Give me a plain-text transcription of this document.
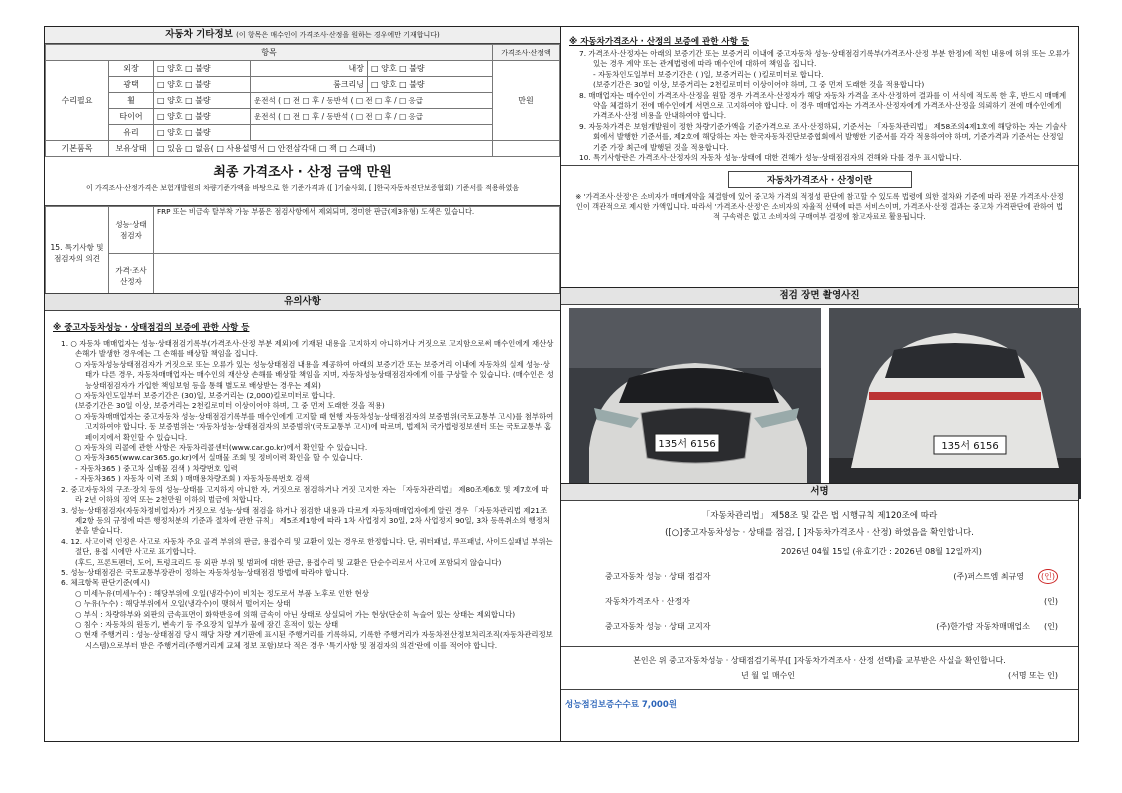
자동차 기타정보 (이 항목은 매수인이 가격조사·산정을 원하는 경우에만 기재합니다)
항목					가격조사·산정액
수리필요	외장	□ 양호 □ 불량	내장	□ 양호 □ 불량	만원
	광택	□ 양호 □ 불량	룸크리닝	□ 양호 □ 불량	
	휠	□ 양호 □ 불량	운전석 ( □ 전 □ 후 / 동반석 ( □ 전 □ 후 / □ 응급		
	타이어	□ 양호 □ 불량	운전석 ( □ 전 □ 후 / 동반석 ( □ 전 □ 후 / □ 응급		
	유리	□ 양호 □ 불량			
기본품목	보유상태	□ 있음 □ 없음( □ 사용설명서 □ 안전삼각대 □ 잭 □ 스패너)			
최종 가격조사 · 산정 금액 만원
이 가격조사·산정가격은 보험개발원의 차량기준가액을 바탕으로 한 기준가격과 ([ ]기술사회, [ ]한국자동차진단보증협회) 기준서를 적용하였음
15. 특기사항 및 점검자의 의견	성능·상태 점검자	FRP 또는 비금속 탈부착 가능 부품은 점검사항에서 제외되며, 경미한 판금(제3유형) 도색은 있습니다.
	가격·조사 산정자	
유의사항
※ 중고자동차성능 · 상태점검의 보증에 관한 사항 등
1. ○ 자동차 매매업자는 성능·상태점검기록부(가격조사·산정 부분 제외)에 기재된 내용을 고지하지 아니하거나 거짓으로 고지함으로써 매수인에게 재산상 손해가 발생한 경우에는 그 손해를 배상할 책임을 집니다.
○ 자동차성능상태점검자가 거짓으로 또는 오류가 있는 성능상태점검 내용을 제공하여 아래의 보증기간 또는 보증거리 이내에 자동차의 실제 성능·상태가 다른 경우, 자동차매매업자는 매수인의 재산상 손해를 배상할 책임을 지며, 자동차성능상태점검자에게 이를 구상할 수 있습니다. (매수인은 성능상태점검자가 가입한 책임보험 등을 통해 별도로 배상받는 경우는 제외)
○ 자동차인도일부터 보증기간은 (30)일, 보증거리는 (2,000)킬로미터로 합니다.
(보증기간은 30일 이상, 보증거리는 2천킬로미터 이상이어야 하며, 그 중 먼저 도래한 것을 적용)
○ 자동차매매업자는 중고자동차 성능·상태점검기록부를 매수인에게 고지할 때 현행 자동차성능·상태점검자의 보증범위(국토교통부 고시)를 첨부하여 고지하여야 합니다. 동 보증범위는 '자동차성능·상태점검자의 보증범위'(국토교통부 고시)에 따르며, 법제처 국가법령정보센터 또는 국토교통부 홈페이지에서 확인할 수 있습니다.
○ 자동차의 리콜에 관한 사항은 자동차리콜센터(www.car.go.kr)에서 확인할 수 있습니다.
○ 자동차365(www.car365.go.kr)에서 실매물 조회 및 정비이력 확인을 할 수 있습니다.
- 자동차365 ) 중고차 실매물 검색 ) 차량번호 입력
- 자동차365 ) 자동차 이력 조회 ) 매매용차량조회 ) 자동차등록번호 검색
2. 중고자동차의 구조·장치 등의 성능·상태를 고지하지 아니한 자, 거짓으로 점검하거나 거짓 고지한 자는 「자동차관리법」 제80조제6호 및 제7호에 따라 2년 이하의 징역 또는 2천만원 이하의 벌금에 처합니다.
3. 성능·상태점검자(자동차정비업자)가 거짓으로 성능·상태 점검을 하거나 점검한 내용과 다르게 자동차매매업자에게 알린 경우 「자동차관리법 제21조제2항 등의 규정에 따른 행정처분의 기준과 절차에 관한 규칙」 제5조제1항에 따라 1차 사업정지 30일, 2차 사업정지 90일, 3차 등록취소의 행정처분을 받습니다.
4. 12. 사고이력 인정은 사고로 자동차 주요 골격 부위의 판금, 용접수리 및 교환이 있는 경우로 한정합니다. 단, 쿼터패널, 루프패널, 사이드실패널 부위는 절단, 용접 시에만 사고로 표기합니다.
(후드, 프론트펜더, 도어, 트렁크리드 등 외판 부위 및 범퍼에 대한 판금, 용접수리 및 교환은 단순수리로서 사고에 포함되지 않습니다)
5. 성능·상태점검은 국토교통부장관이 정하는 자동차성능·상태점검 방법에 따라야 합니다.
6. 체크항목 판단기준(예시)
○ 미세누유(미세누수) : 해당부위에 오일(냉각수)이 비치는 정도로서 부품 노후로 인한 현상
○ 누유(누수) : 해당부위에서 오일(냉각수)이 맺혀서 떨어지는 상태
○ 부식 : 차량하부와 외판의 금속표면이 화학반응에 의해 금속이 아닌 상태로 상실되어 가는 현상(단순히 녹슬어 있는 상태는 제외합니다)
○ 침수 : 자동차의 원동기, 변속기 등 주요장치 일부가 물에 잠긴 흔적이 있는 상태
○ 현재 주행거리 : 성능·상태점검 당시 해당 차량 계기판에 표시된 주행거리를 기록하되, 기록한 주행거리가 자동차전산정보처리조직(자동차관리정보시스템)으로부터 받은 주행거리(주행거리계 교체 정보 포함)보다 적은 경우 '특기사항 및 점검자의 의견'란에 이를 적어야 합니다.
※ 자동차가격조사 · 산정의 보증에 관한 사항 등
7. 가격조사·산정자는 아래의 보증기간 또는 보증거리 이내에 중고자동차 성능·상태점검기록부(가격조사·산정 부분 한정)에 적힌 내용에 허위 또는 오류가 있는 경우 계약 또는 관계법령에 따라 매수인에 대하여 책임을 집니다.
- 자동차인도일부터 보증기간은 ( )일, 보증거리는 ( )킬로미터로 합니다.
(보증기간은 30일 이상, 보증거리는 2천킬로미터 이상이어야 하며, 그 중 먼저 도래한 것을 적용합니다)
8. 매매업자는 매수인이 가격조사·산정을 원할 경우 가격조사·산정자가 해당 자동차 가격을 조사·산정하여 결과를 이 서식에 적도록 한 후, 반드시 매매계약을 체결하기 전에 매수인에게 서면으로 고지하여야 합니다. 이 경우 매매업자는 가격조사·산정자에게 가격조사·산정을 의뢰하기 전에 매수인에게 가격조사·산정 비용을 안내하여야 합니다.
9. 자동차가격은 보험개발원이 정한 차량기준가액을 기준가격으로 조사·산정하되, 기준서는 「자동차관리법」 제58조의4제1호에 해당하는 자는 기술사회에서 발행한 기준서를, 제2호에 해당하는 자는 한국자동차진단보증협회에서 발행한 기준서를 각각 적용하여야 하며, 기준가격과 기준서는 산정일 기준 가장 최근에 발행된 것을 적용합니다.
10. 특기사항란은 가격조사·산정자의 자동차 성능·상태에 대한 견해가 성능·상태점검자의 견해와 다를 경우 표시합니다.
자동차가격조사 · 산정이란
※ '가격조사·산정'은 소비자가 매매계약을 체결함에 있어 중고차 가격의 적정성 판단에 참고할 수 있도록 법령에 의한 절차와 기준에 따라 전문 가격조사·산정인이 객관적으로 제시한 가액입니다. 따라서 '가격조사·산정'은 소비자의 자율적 선택에 따른 서비스이며, 가격조사·산정 결과는 중고차 가격판단에 관하여 법적 구속력은 없고 소비자의 구매여부 결정에 참고자료로 활용됩니다.
점검 장면 촬영사진
135서 6156	135서 6156
서명
「자동차관리법」 제58조 및 같은 법 시행규칙 제120조에 따라
([○]중고자동차성능 · 상태를 점검, [ ]자동차가격조사 · 산정) 하였음을 확인합니다.
2026년 04월 15일 (유효기간 : 2026년 08월 12일까지)
중고자동차 성능 · 상태 점검자	(주)퍼스트엠 최규영 (인)
자동차가격조사 · 산정자	(인)
중고자동차 성능 · 상태 고지자	(주)한가람 자동차매매업소 (인)
본인은 위 중고자동차성능 · 상태점검기록부([ ]자동차가격조사 · 산정 선택)를 교부받은 사실을 확인합니다.
년 월 일 매수인	(서명 또는 인)
성능점검보증수수료 7,000원
